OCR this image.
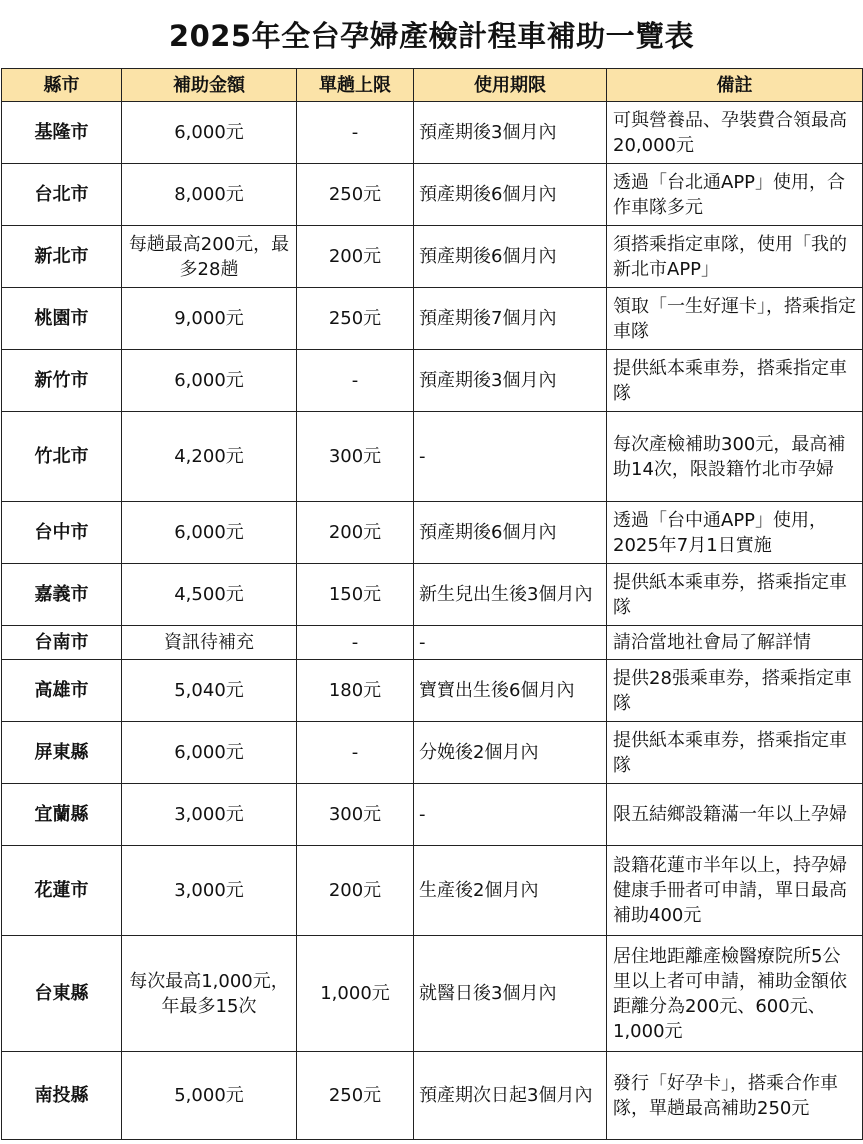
2025年全台孕婦產檢計程車補助一覽表
縣市	補助金額	單趟上限	使用期限	備註
基隆市	6,000元	-	預產期後3個月內	可與營養品、孕裝費合領最高20,000元
台北市	8,000元	250元	預產期後6個月內	透過「台北通APP」使用，合作車隊多元
新北市	每趟最高200元，最多28趟	200元	預產期後6個月內	須搭乘指定車隊，使用「我的新北市APP」
桃園市	9,000元	250元	預產期後7個月內	領取「一生好運卡」，搭乘指定車隊
新竹市	6,000元	-	預產期後3個月內	提供紙本乘車券，搭乘指定車隊
竹北市	4,200元	300元	-	每次產檢補助300元，最高補助14次，限設籍竹北市孕婦
台中市	6,000元	200元	預產期後6個月內	透過「台中通APP」使用，2025年7月1日實施
嘉義市	4,500元	150元	新生兒出生後3個月內	提供紙本乘車券，搭乘指定車隊
台南市	資訊待補充	-	-	請洽當地社會局了解詳情
高雄市	5,040元	180元	寶寶出生後6個月內	提供28張乘車券，搭乘指定車隊
屏東縣	6,000元	-	分娩後2個月內	提供紙本乘車券，搭乘指定車隊
宜蘭縣	3,000元	300元	-	限五結鄉設籍滿一年以上孕婦
花蓮市	3,000元	200元	生產後2個月內	設籍花蓮市半年以上，持孕婦健康手冊者可申請，單日最高補助400元
台東縣	每次最高1,000元，年最多15次	1,000元	就醫日後3個月內	居住地距離產檢醫療院所5公里以上者可申請，補助金額依距離分為200元、600元、1,000元
南投縣	5,000元	250元	預產期次日起3個月內	發行「好孕卡」，搭乘合作車隊，單趟最高補助250元
